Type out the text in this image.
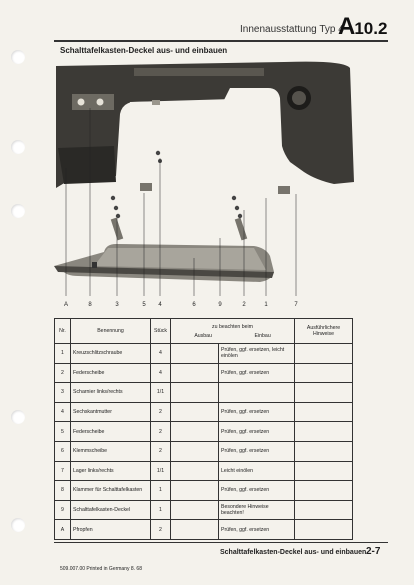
Innenausstattung Typ 4
A10.2
Schalttafelkasten-Deckel aus- und einbauen
A	8	3	5 4	6	9	2	1	7
Nr.	Benennung	Stück	zu beachten beim
Ausbau Einbau		Ausführlichere Hinweise
1	Kreuzschlitzschraube	4		Prüfen, ggf. ersetzen, leicht einölen	
2	Federscheibe	4		Prüfen, ggf. ersetzen	
3	Scharnier links/rechts	1/1			
4	Sechskantmutter	2		Prüfen, ggf. ersetzen	
5	Federscheibe	2		Prüfen, ggf. ersetzen	
6	Klemmscheibe	2		Prüfen, ggf. ersetzen	
7	Lager links/rechts	1/1		Leicht einölen	
8	Klammer für Schalttafelkasten	1		Prüfen, ggf. ersetzen	
9	Schalttafelkasten-Deckel	1		Besondere Hinweise beachten!	
A	Pfropfen	2		Prüfen, ggf. ersetzen	
Schalttafelkasten-Deckel aus- und einbauen 2-7
509.007.00 Printed in Germany 8. 68
